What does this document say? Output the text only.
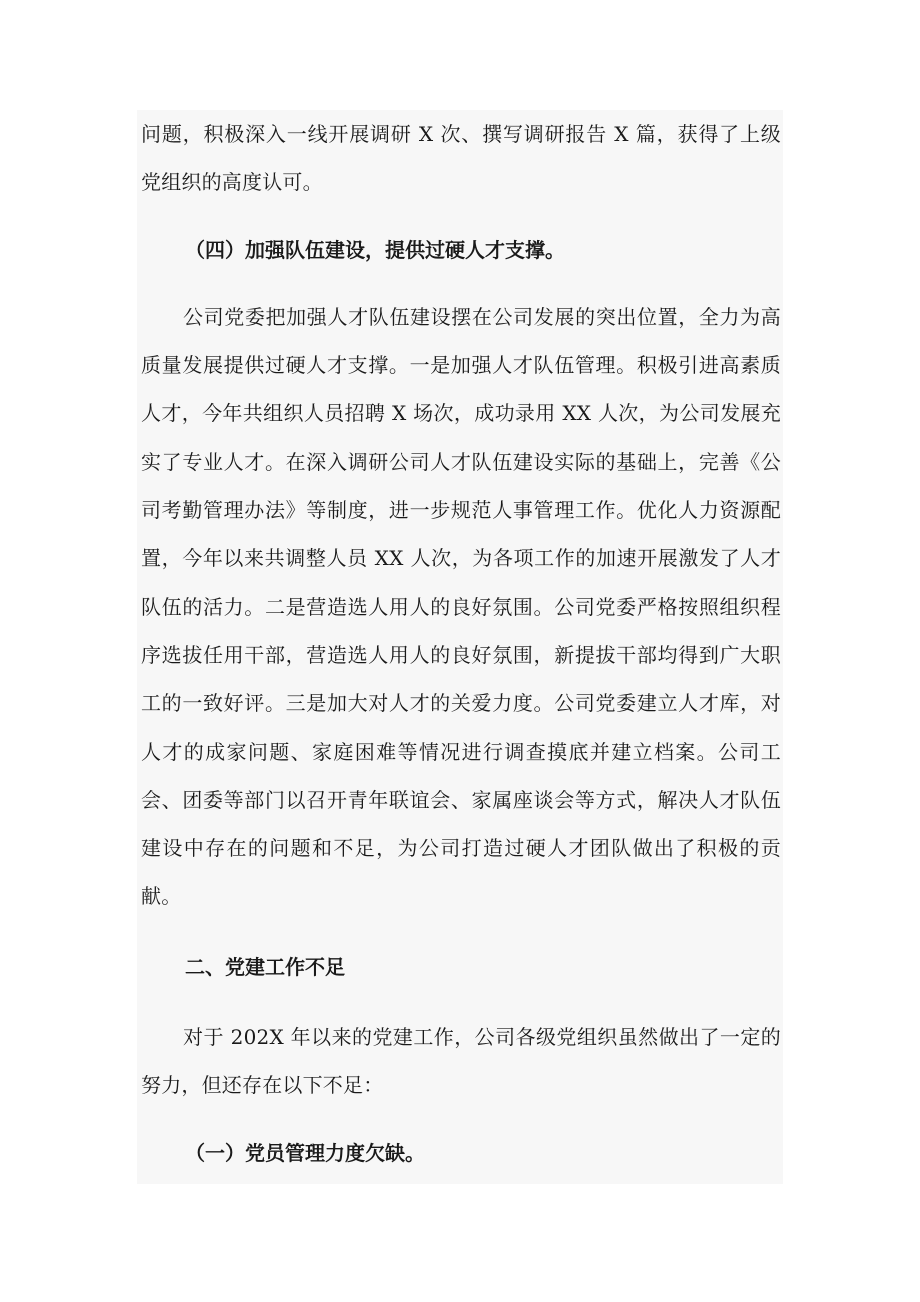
问题，积极深入一线开展调研 X 次、撰写调研报告 X 篇，获得了上级党组织的高度认可。

（四）加强队伍建设，提供过硬人才支撑。

公司党委把加强人才队伍建设摆在公司发展的突出位置，全力为高质量发展提供过硬人才支撑。一是加强人才队伍管理。积极引进高素质人才，今年共组织人员招聘 X 场次，成功录用 XX 人次，为公司发展充实了专业人才。在深入调研公司人才队伍建设实际的基础上，完善《公司考勤管理办法》等制度，进一步规范人事管理工作。优化人力资源配置，今年以来共调整人员 XX 人次，为各项工作的加速开展激发了人才队伍的活力。二是营造选人用人的良好氛围。公司党委严格按照组织程序选拔任用干部，营造选人用人的良好氛围，新提拔干部均得到广大职工的一致好评。三是加大对人才的关爱力度。公司党委建立人才库，对人才的成家问题、家庭困难等情况进行调查摸底并建立档案。公司工会、团委等部门以召开青年联谊会、家属座谈会等方式，解决人才队伍建设中存在的问题和不足，为公司打造过硬人才团队做出了积极的贡献。

二、党建工作不足

对于 202X 年以来的党建工作，公司各级党组织虽然做出了一定的努力，但还存在以下不足：

（一）党员管理力度欠缺。
